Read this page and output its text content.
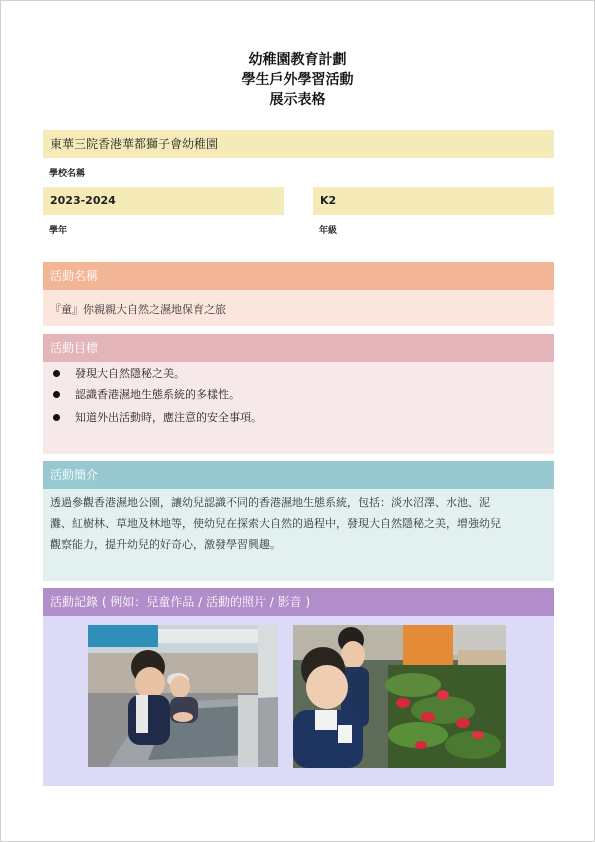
幼稚園教育計劃
學生戶外學習活動
展示表格
東華三院香港華都獅子會幼稚園
學校名稱
2023-2024
學年
K2
年級
活動名稱
『童』你親親大自然之濕地保育之旅
活動目標
發現大自然隱秘之美。
認識香港濕地生態系統的多樣性。
知道外出活動時，應注意的安全事項。
活動簡介
透過參觀香港濕地公園，讓幼兒認識不同的香港濕地生態系統，包括：淡水沼澤、水池、泥
灘、紅樹林、草地及林地等，使幼兒在探索大自然的過程中，發現大自然隱秘之美，增強幼兒
觀察能力，提升幼兒的好奇心，激發學習興趣。
活動記錄 ( 例如：兒童作品 / 活動的照片 / 影音 )
